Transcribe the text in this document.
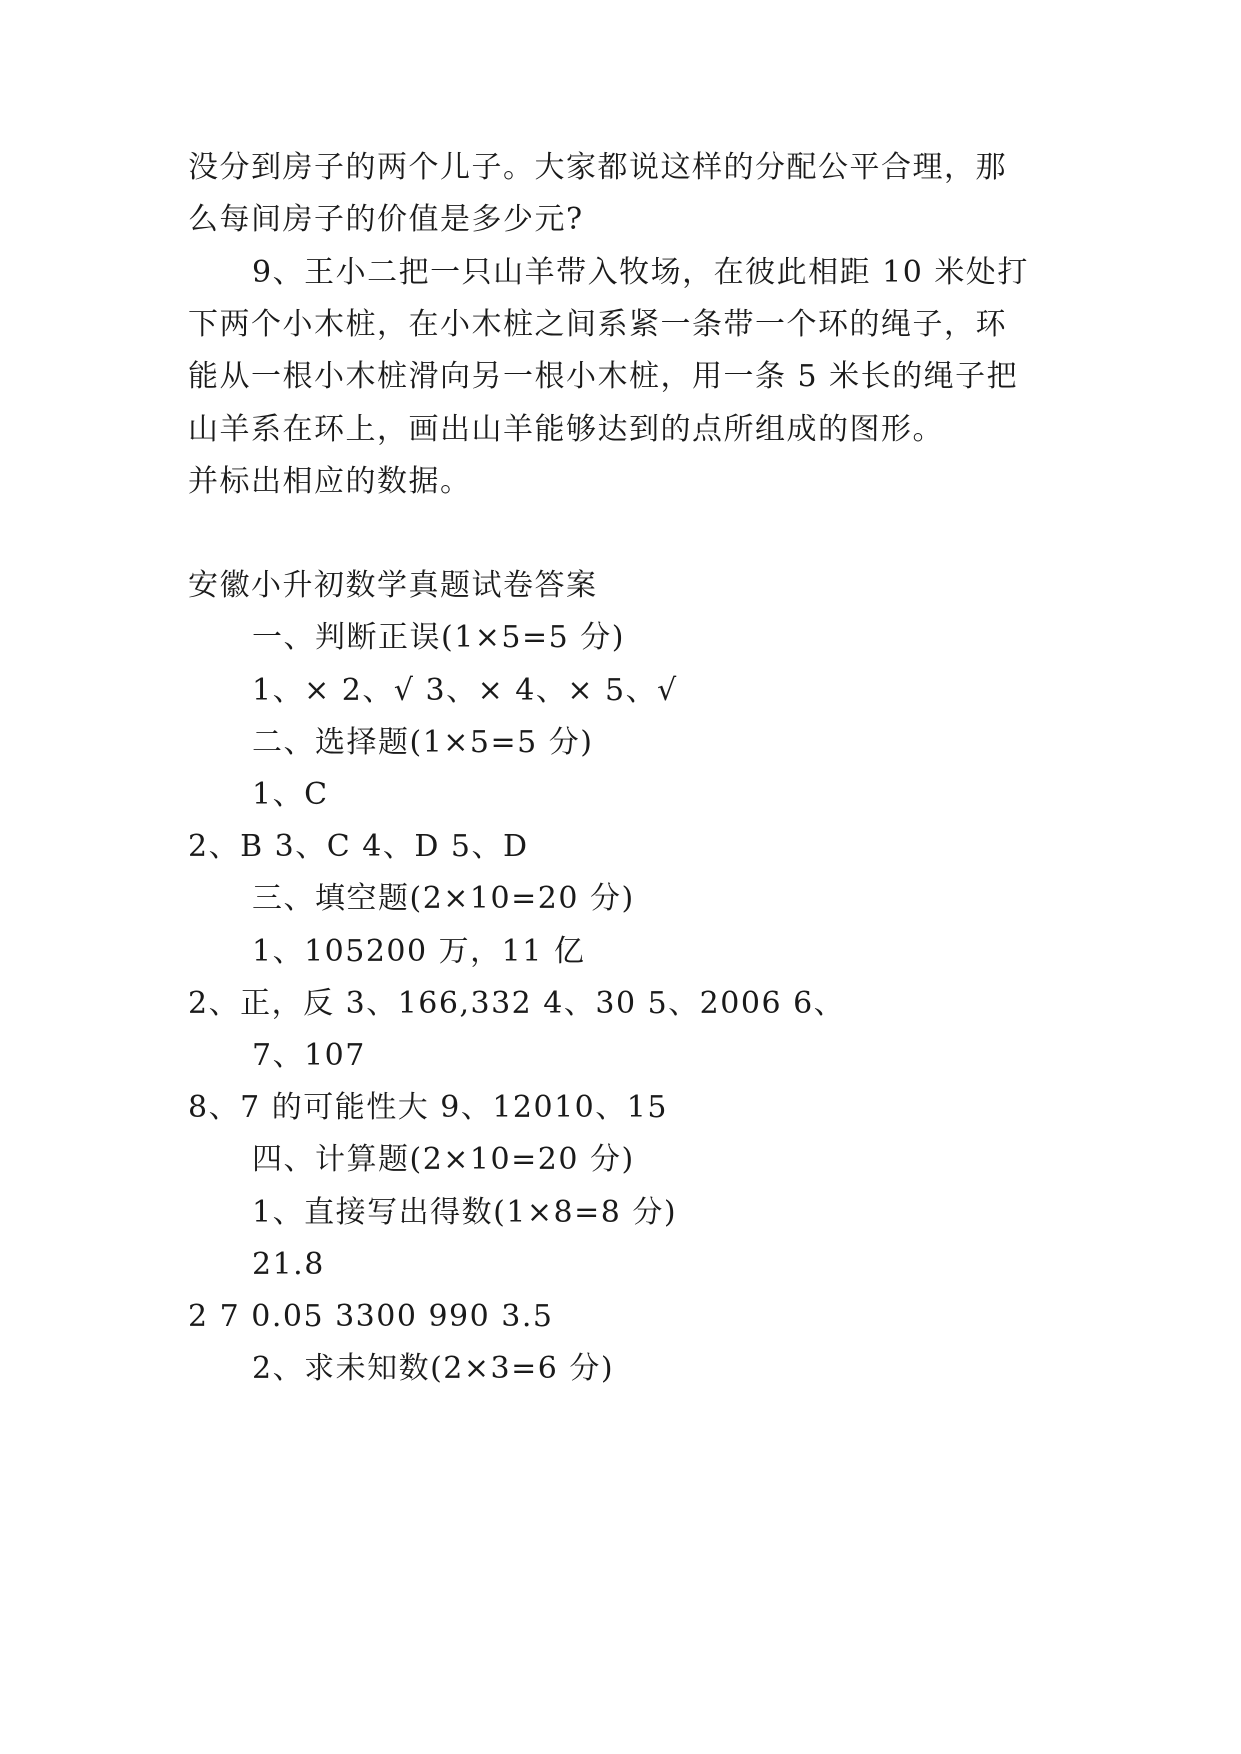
没分到房子的两个儿子。大家都说这样的分配公平合理，那
么每间房子的价值是多少元?
9、王小二把一只山羊带入牧场，在彼此相距 10 米处打
下两个小木桩，在小木桩之间系紧一条带一个环的绳子，环
能从一根小木桩滑向另一根小木桩，用一条 5 米长的绳子把
山羊系在环上，画出山羊能够达到的点所组成的图形。
并标出相应的数据。
安徽小升初数学真题试卷答案
一、判断正误(1×5=5 分)
1、× 2、√ 3、× 4、× 5、√
二、选择题(1×5=5 分)
1、C
2、B 3、C 4、D 5、D
三、填空题(2×10=20 分)
1、105200 万，11 亿
2、正，反 3、166,332 4、30 5、2006 6、
7、107
8、7 的可能性大 9、12010、15
四、计算题(2×10=20 分)
1、直接写出得数(1×8=8 分)
21.8
2 7 0.05 3300 990 3.5
2、求未知数(2×3=6 分)
